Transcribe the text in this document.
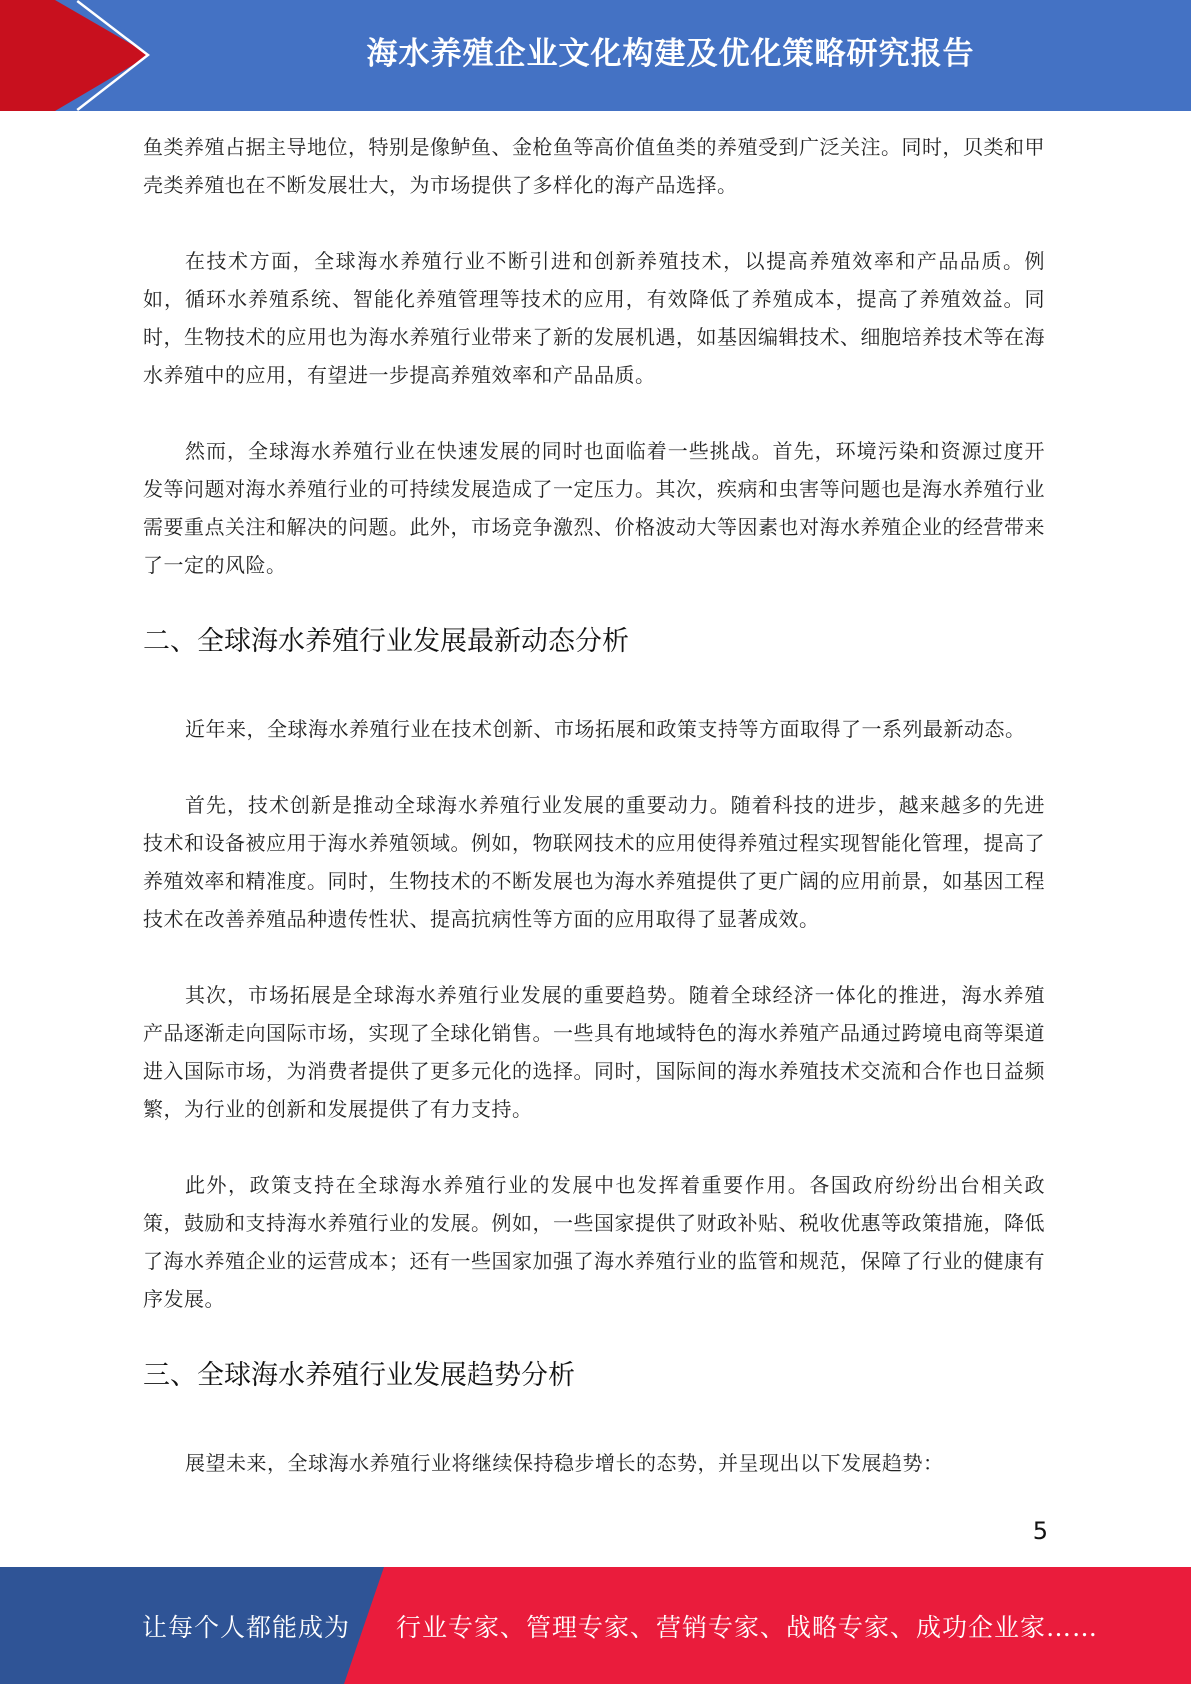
海水养殖企业文化构建及优化策略研究报告

鱼类养殖占据主导地位，特别是像鲈鱼、金枪鱼等高价值鱼类的养殖受到广泛关注。同时，贝类和甲壳类养殖也在不断发展壮大，为市场提供了多样化的海产品选择。

在技术方面，全球海水养殖行业不断引进和创新养殖技术，以提高养殖效率和产品品质。例如，循环水养殖系统、智能化养殖管理等技术的应用，有效降低了养殖成本，提高了养殖效益。同时，生物技术的应用也为海水养殖行业带来了新的发展机遇，如基因编辑技术、细胞培养技术等在海水养殖中的应用，有望进一步提高养殖效率和产品品质。

然而，全球海水养殖行业在快速发展的同时也面临着一些挑战。首先，环境污染和资源过度开发等问题对海水养殖行业的可持续发展造成了一定压力。其次，疾病和虫害等问题也是海水养殖行业需要重点关注和解决的问题。此外，市场竞争激烈、价格波动大等因素也对海水养殖企业的经营带来了一定的风险。

二、全球海水养殖行业发展最新动态分析

近年来，全球海水养殖行业在技术创新、市场拓展和政策支持等方面取得了一系列最新动态。

首先，技术创新是推动全球海水养殖行业发展的重要动力。随着科技的进步，越来越多的先进技术和设备被应用于海水养殖领域。例如，物联网技术的应用使得养殖过程实现智能化管理，提高了养殖效率和精准度。同时，生物技术的不断发展也为海水养殖提供了更广阔的应用前景，如基因工程技术在改善养殖品种遗传性状、提高抗病性等方面的应用取得了显著成效。

其次，市场拓展是全球海水养殖行业发展的重要趋势。随着全球经济一体化的推进，海水养殖产品逐渐走向国际市场，实现了全球化销售。一些具有地域特色的海水养殖产品通过跨境电商等渠道进入国际市场，为消费者提供了更多元化的选择。同时，国际间的海水养殖技术交流和合作也日益频繁，为行业的创新和发展提供了有力支持。

此外，政策支持在全球海水养殖行业的发展中也发挥着重要作用。各国政府纷纷出台相关政策，鼓励和支持海水养殖行业的发展。例如，一些国家提供了财政补贴、税收优惠等政策措施，降低了海水养殖企业的运营成本；还有一些国家加强了海水养殖行业的监管和规范，保障了行业的健康有序发展。

三、全球海水养殖行业发展趋势分析

展望未来，全球海水养殖行业将继续保持稳步增长的态势，并呈现出以下发展趋势：

5
让每个人都能成为 行业专家、管理专家、营销专家、战略专家、成功企业家……
